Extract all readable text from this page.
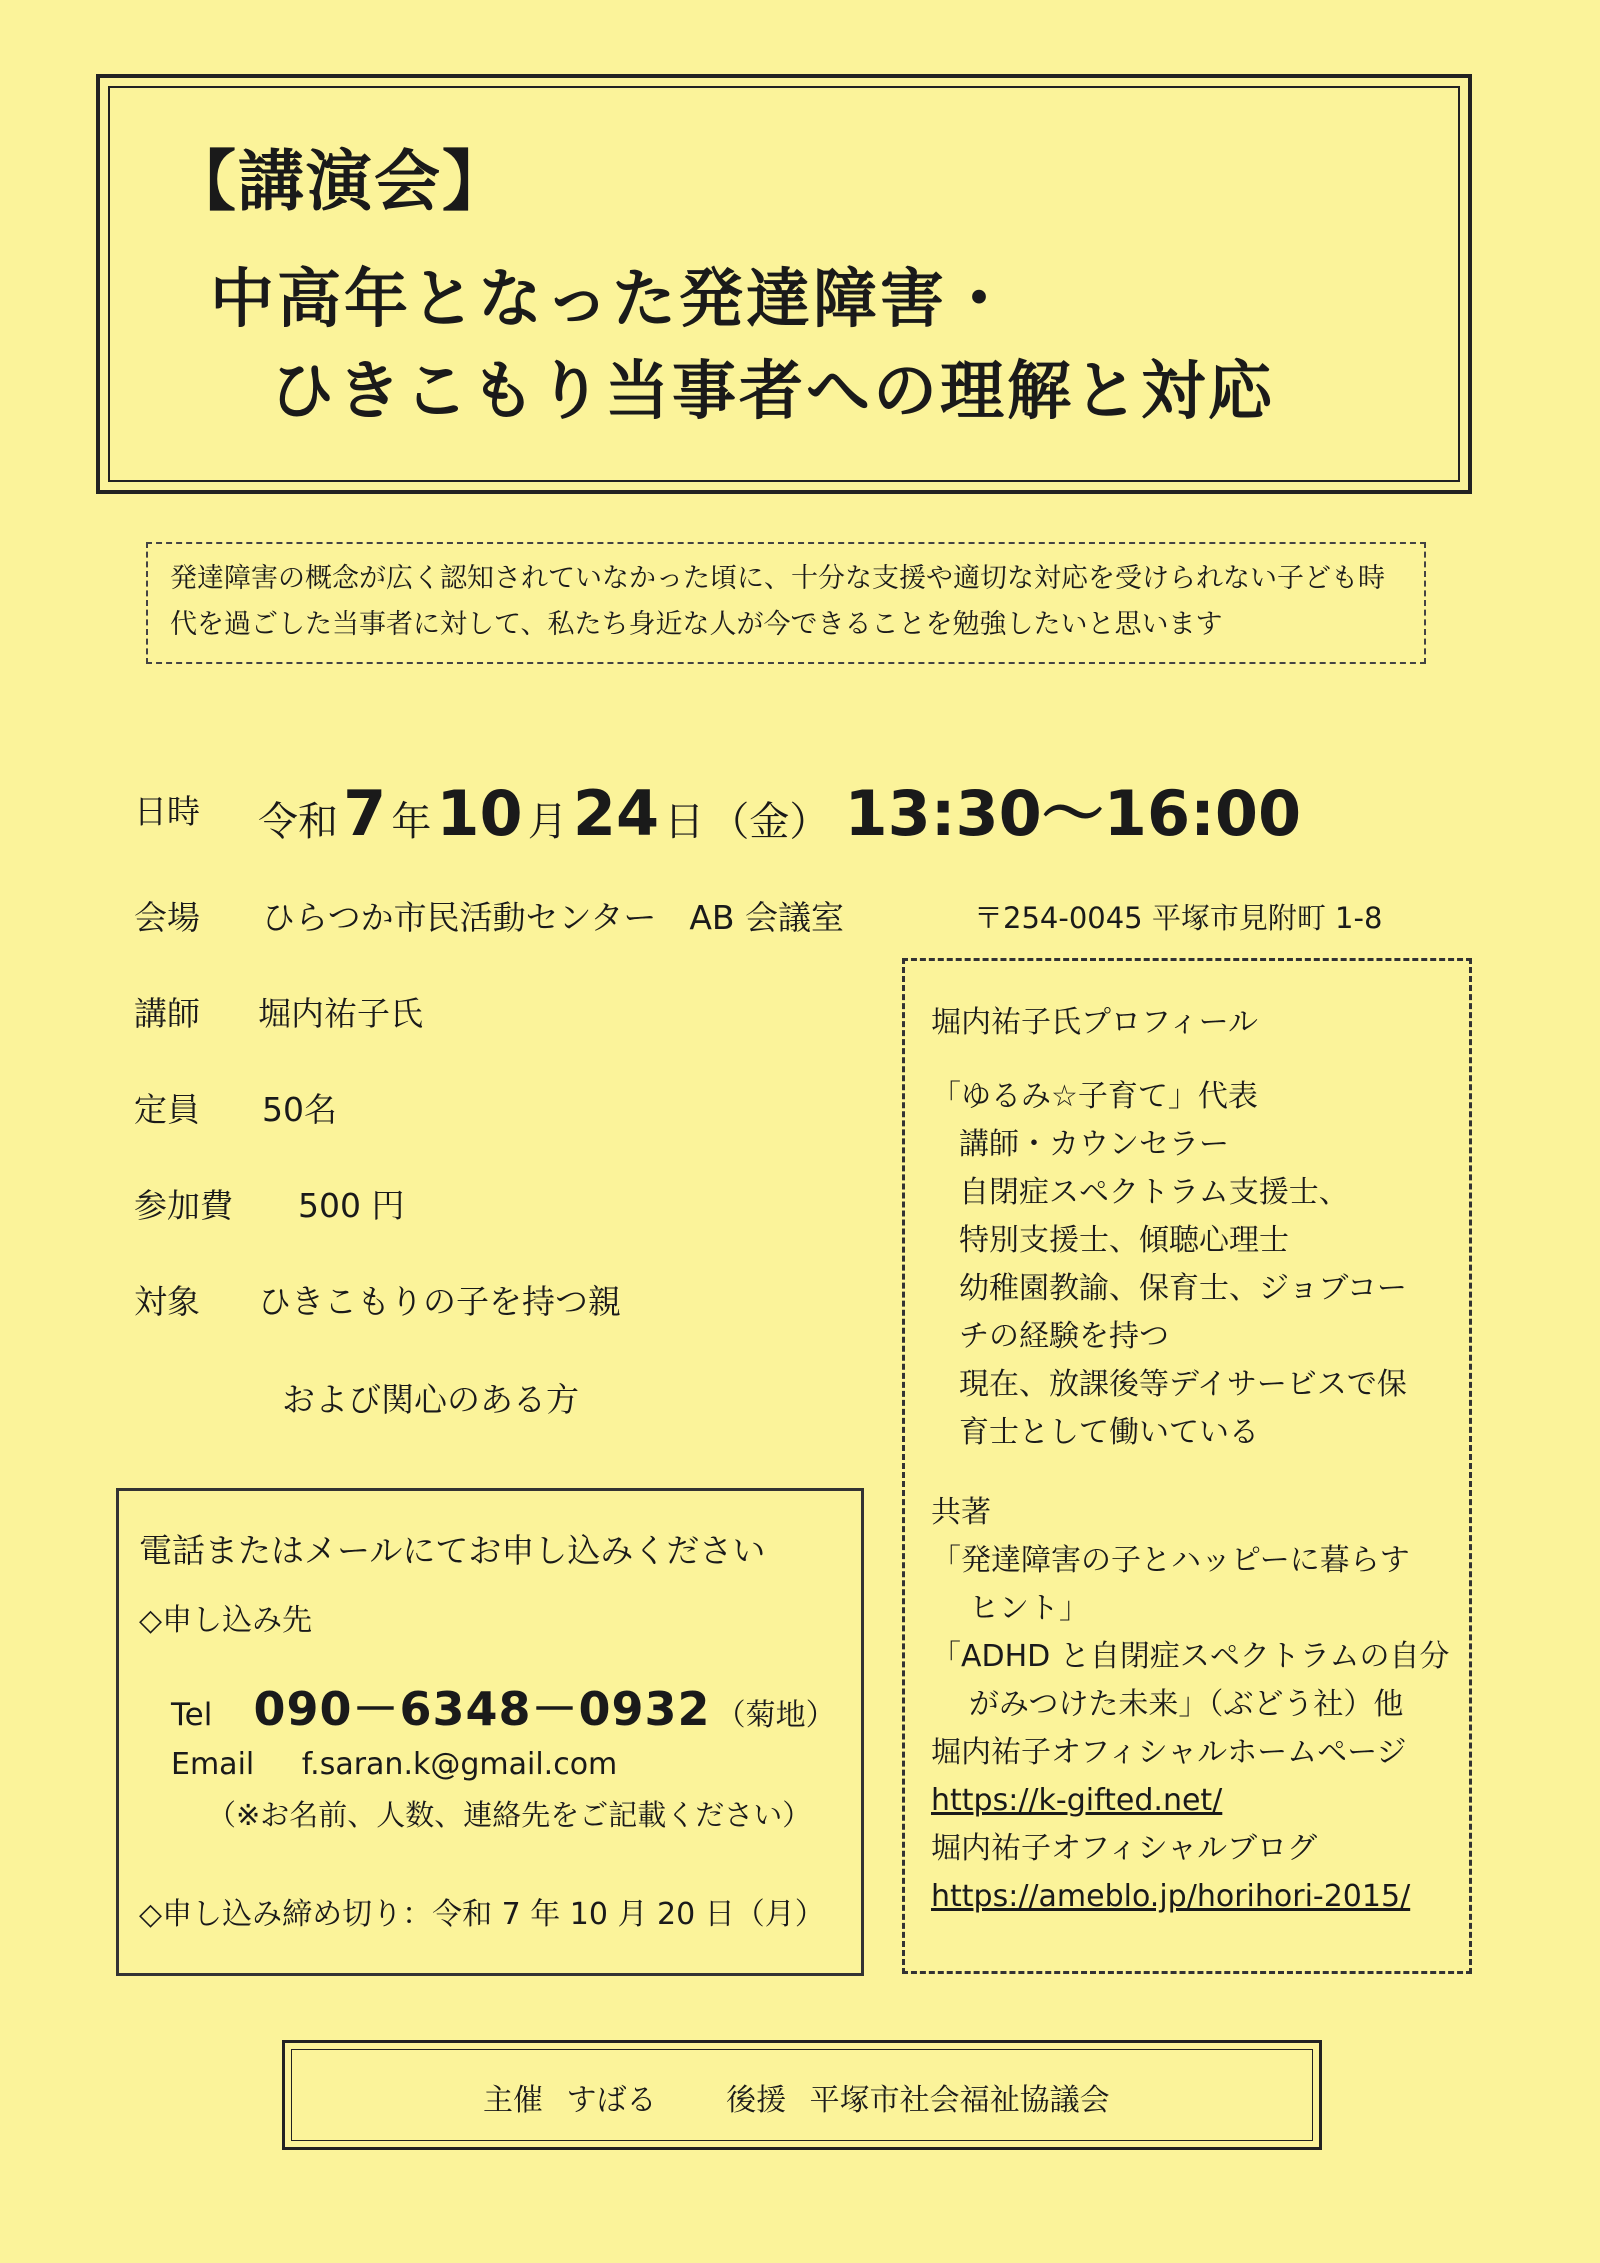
【講演会】
中高年となった発達障害・
ひきこもり当事者への理解と対応
発達障害の概念が広く認知されていなかった頃に、十分な支援や適切な対応を受けられない子ども時
代を過ごした当事者に対して、私たち身近な人が今できることを勉強したいと思います
日時 令和 7 年 10 月 24 日 （金） 13:30～16:00
会場 ひらつか市民活動センター　AB 会議室	〒254-0045 平塚市見附町 1-8
講師 堀内祐子氏
定員 50名
参加費 500 円
対象 ひきこもりの子を持つ親
および関心のある方
堀内祐子氏プロフィール
「ゆるみ☆子育て」代表
講師・カウンセラー
自閉症スペクトラム支援士、
特別支援士、傾聴心理士
幼稚園教諭、保育士、ジョブコー
チの経験を持つ
現在、放課後等デイサービスで保
育士として働いている
共著
「発達障害の子とハッピーに暮らす
ヒント」
「ADHD と自閉症スペクトラムの自分
がみつけた未来」（ぶどう社）他
堀内祐子オフィシャルホームページ
https://k-gifted.net/
堀内祐子オフィシャルブログ
https://ameblo.jp/horihori-2015/
電話またはメールにてお申し込みください
◇申し込み先
Tel 090－6348－0932 （菊地）
Email f.saran.k@gmail.com
（※お名前、人数、連絡先をご記載ください）
◇申し込み締め切り：令和 7 年 10 月 20 日（月）
主催 すばる 後援 平塚市社会福祉協議会
